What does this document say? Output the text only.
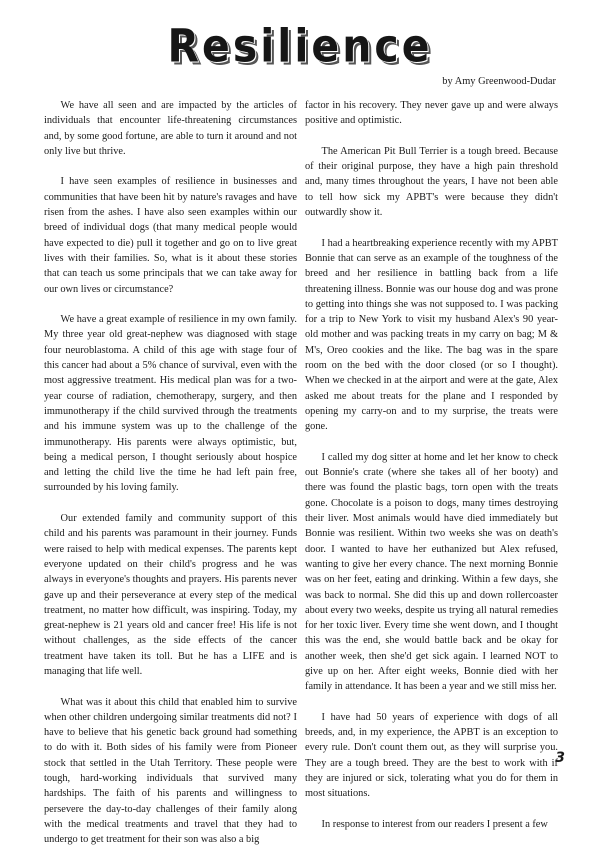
Resilience
by Amy Greenwood-Dudar

We have all seen and are impacted by the articles of individuals that encounter life-threatening circumstances and, by some good fortune, are able to turn it around and not only live but thrive.

I have seen examples of resilience in businesses and communities that have been hit by nature's ravages and have risen from the ashes. I have also seen examples within our breed of individual dogs (that many medical people would have expected to die) pull it together and go on to live great lives with their families. So, what is it about these stories that can teach us some principals that we can take away for our own lives or circumstance?

We have a great example of resilience in my own family. My three year old great-nephew was diagnosed with stage four neuroblastoma. A child of this age with stage four of this cancer had about a 5% chance of survival, even with the most aggressive treatment. His medical plan was for a two-year course of radiation, chemotherapy, surgery, and then immunotherapy if the child survived through the treatments and his immune system was up to the challenge of the immunotherapy. His parents were always optimistic, but, being a medical person, I thought seriously about hospice and letting the child live the time he had left pain free, surrounded by his loving family.

Our extended family and community support of this child and his parents was paramount in their journey. Funds were raised to help with medical expenses. The parents kept everyone updated on their child's progress and he was always in everyone's thoughts and prayers. His parents never gave up and their perseverance at every step of the medical treatment, no matter how difficult, was inspiring. Today, my great-nephew is 21 years old and cancer free! His life is not without challenges, as the side effects of the cancer treatment have taken its toll. But he has a LIFE and is managing that life well.

What was it about this child that enabled him to survive when other children undergoing similar treatments did not? I have to believe that his genetic back ground had something to do with it. Both sides of his family were from Pioneer stock that settled in the Utah Territory. These people were tough, hard-working individuals that survived many hardships. The faith of his parents and willingness to persevere the day-to-day challenges of their family along with the medical treatments and travel that they had to undergo to get treatment for their son was also a big

factor in his recovery. They never gave up and were always positive and optimistic.

The American Pit Bull Terrier is a tough breed. Because of their original purpose, they have a high pain threshold and, many times throughout the years, I have not been able to tell how sick my APBT's were because they didn't outwardly show it.

I had a heartbreaking experience recently with my APBT Bonnie that can serve as an example of the toughness of the breed and her resilience in battling back from a life threatening illness. Bonnie was our house dog and was prone to getting into things she was not supposed to. I was packing for a trip to New York to visit my husband Alex's 90 year-old mother and was packing treats in my carry on bag; M & M's, Oreo cookies and the like. The bag was in the spare room on the bed with the door closed (or so I thought). When we checked in at the airport and were at the gate, Alex asked me about treats for the plane and I responded by opening my carry-on and to my surprise, the treats were gone.

I called my dog sitter at home and let her know to check out Bonnie's crate (where she takes all of her booty) and there was found the plastic bags, torn open with the treats gone. Chocolate is a poison to dogs, many times destroying their liver. Most animals would have died immediately but Bonnie was resilient. Within two weeks she was on death's door. I wanted to have her euthanized but Alex refused, wanting to give her every chance. The next morning Bonnie was on her feet, eating and drinking. Within a few days, she was back to normal. She did this up and down rollercoaster about every two weeks, despite us trying all natural remedies for her toxic liver. Every time she went down, and I thought this was the end, she would battle back and be okay for another week, then she'd get sick again. I learned NOT to give up on her. After eight weeks, Bonnie died with her family in attendance. It has been a year and we still miss her.

I have had 50 years of experience with dogs of all breeds, and, in my experience, the APBT is an exception to every rule. Don't count them out, as they will surprise you. They are a tough breed. They are the best to work with if they are injured or sick, tolerating what you do for them in most situations.

In response to interest from our readers I present a few

3
